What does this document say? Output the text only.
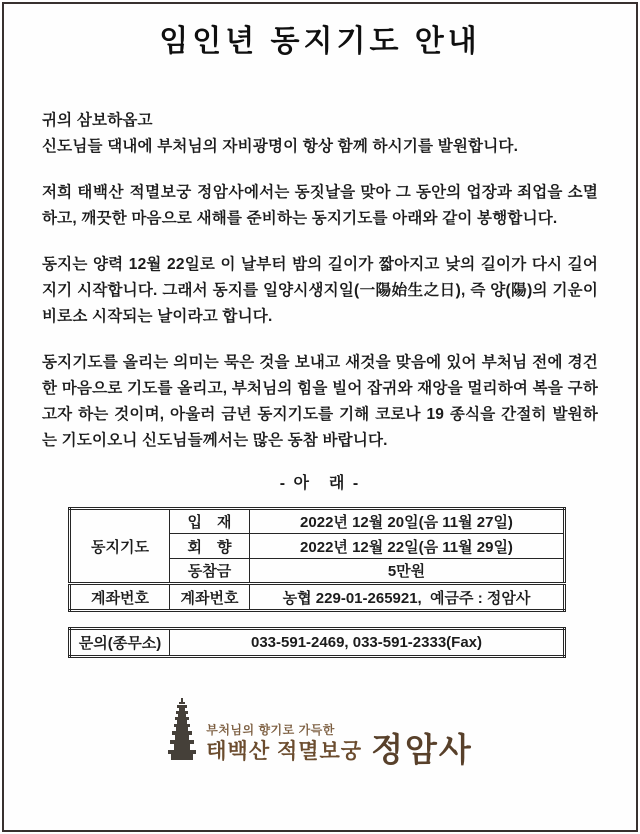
임인년 동지기도 안내
귀의 삼보하옵고
신도님들 댁내에 부처님의 자비광명이 항상 함께 하시기를 발원합니다.

저희 태백산 적멸보궁 정암사에서는 동짓날을 맞아 그 동안의 업장과 죄업을 소멸하고, 깨끗한 마음으로 새해를 준비하는 동지기도를 아래와 같이 봉행합니다.

동지는 양력 12월 22일로 이 날부터 밤의 길이가 짧아지고 낮의 길이가 다시 길어지기 시작합니다. 그래서 동지를 일양시생지일(一陽始生之日), 즉 양(陽)의 기운이 비로소 시작되는 날이라고 합니다.

동지기도를 올리는 의미는 묵은 것을 보내고 새것을 맞음에 있어 부처님 전에 경건한 마음으로 기도를 올리고, 부처님의 힘을 빌어 잡귀와 재앙을 멀리하여 복을 구하고자 하는 것이며, 아울러 금년 동지기도를 기해 코로나 19 종식을 간절히 발원하는 기도이오니 신도님들께서는 많은 동참 바랍니다.

- 아　래 -
동지기도	입　재	2022년 12월 20일(음 11월 27일)
	회　향	2022년 12월 22일(음 11월 29일)
	동참금	5만원
계좌번호	계좌번호	농협 229-01-265921,  예금주 : 정암사
문의(종무소)	033-591-2469, 033-591-2333(Fax)
부처님의 향기로 가득한
태백산 적멸보궁 정암사
